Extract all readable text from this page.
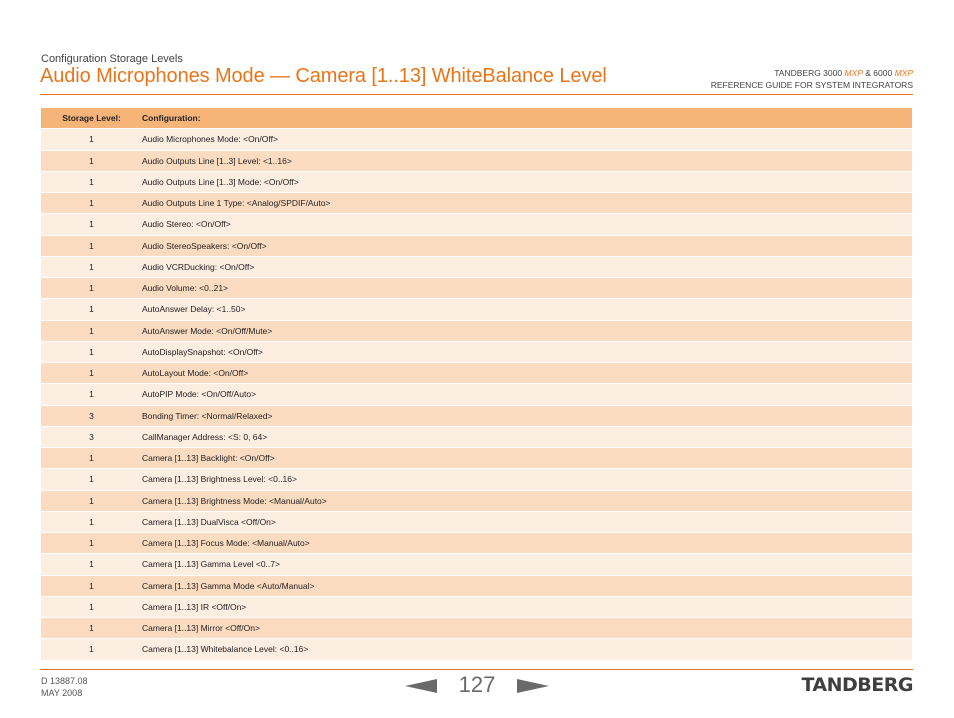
Configuration Storage Levels
Audio Microphones Mode — Camera [1..13] WhiteBalance Level	TANDBERG 3000 MXP & 6000 MXP
REFERENCE GUIDE FOR SYSTEM INTEGRATORS
Storage Level:	Configuration:
1	Audio Microphones Mode: <On/Off>
1	Audio Outputs Line [1..3] Level: <1..16>
1	Audio Outputs Line [1..3] Mode: <On/Off>
1	Audio Outputs Line 1 Type: <Analog/SPDIF/Auto>
1	Audio Stereo: <On/Off>
1	Audio StereoSpeakers: <On/Off>
1	Audio VCRDucking: <On/Off>
1	Audio Volume: <0..21>
1	AutoAnswer Delay: <1..50>
1	AutoAnswer Mode: <On/Off/Mute>
1	AutoDisplaySnapshot: <On/Off>
1	AutoLayout Mode: <On/Off>
1	AutoPIP Mode: <On/Off/Auto>
3	Bonding Timer: <Normal/Relaxed>
3	CallManager Address: <S: 0, 64>
1	Camera [1..13] Backlight: <On/Off>
1	Camera [1..13] Brightness Level: <0..16>
1	Camera [1..13] Brightness Mode: <Manual/Auto>
1	Camera [1..13] DualVisca <Off/On>
1	Camera [1..13] Focus Mode: <Manual/Auto>
1	Camera [1..13] Gamma Level <0..7>
1	Camera [1..13] Gamma Mode <Auto/Manual>
1	Camera [1..13] IR <Off/On>
1	Camera [1..13] Mirror <Off/On>
1	Camera [1..13] Whitebalance Level: <0..16>
D 13887.08
MAY 2008	127	TANDBERG
